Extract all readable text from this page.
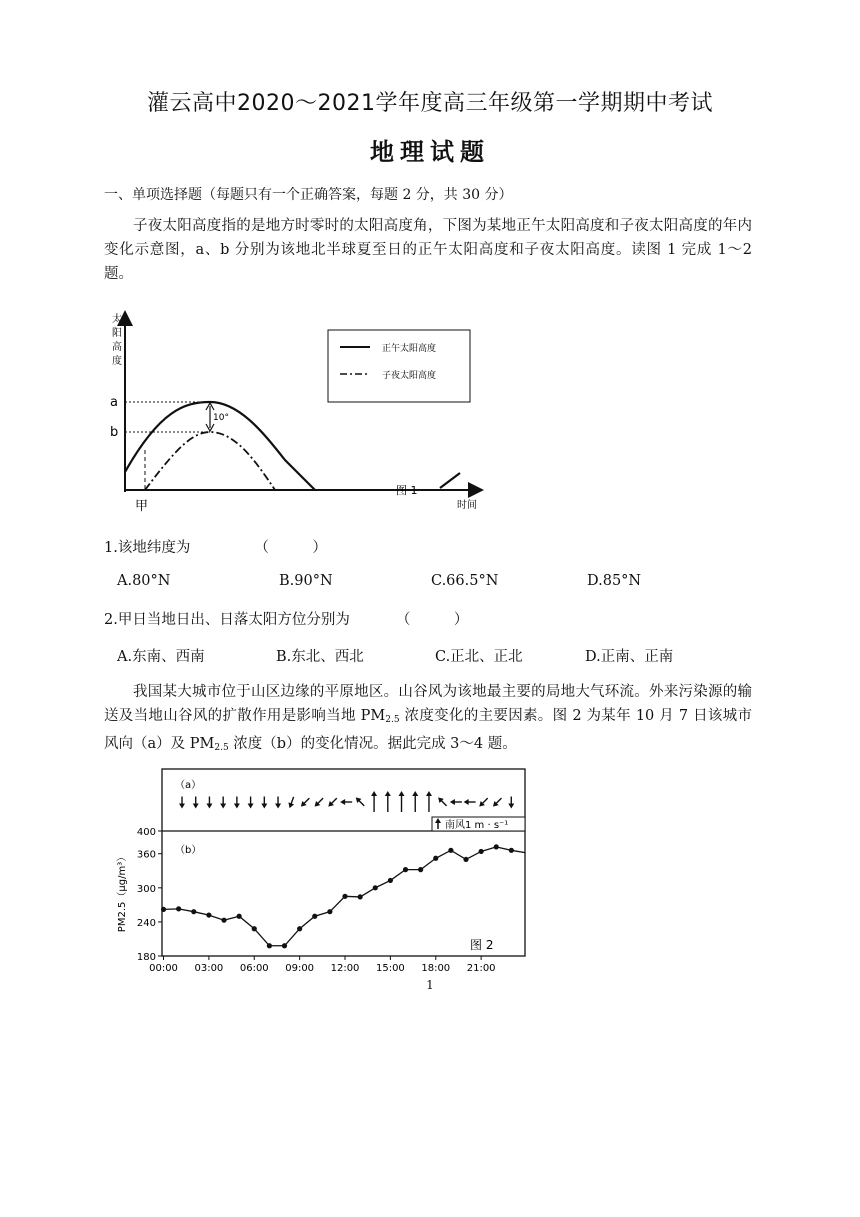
灌云高中2020～2021学年度高三年级第一学期期中考试
地理试题
一、单项选择题（每题只有一个正确答案，每题 2 分，共 30 分）
子夜太阳高度指的是地方时零时的太阳高度角，下图为某地正午太阳高度和子夜太阳高度的年内变化示意图，a、b 分别为该地北半球夏至日的正午太阳高度和子夜太阳高度。读图 1 完成 1～2 题。
太
阳
高
度
时间
10°
a
b
甲
图 1
正午太阳高度
子夜太阳高度
1.该地纬度为	（　　　）
A.80°N	B.90°N	C.66.5°N	D.85°N
2.甲日当地日出、日落太阳方位分别为	（　　　）
A.东南、西南	B.东北、西北	C.正北、正北	D.正南、正南
我国某大城市位于山区边缘的平原地区。山谷风为该地最主要的局地大气环流。外来污染源的输送及当地山谷风的扩散作用是影响当地 $PM_{2.5}$ 浓度变化的主要因素。图 2 为某年 10 月 7 日该城市风向（a）及 $PM_{2.5}$ 浓度（b）的变化情况。据此完成 3～4 题。
（a）
（b）
南风1 m · s⁻¹
PM2.5（μg/m³）
180
240
300
360
400
00:00 03:00 06:00 09:00 12:00 15:00 18:00 21:00
图 2
1
